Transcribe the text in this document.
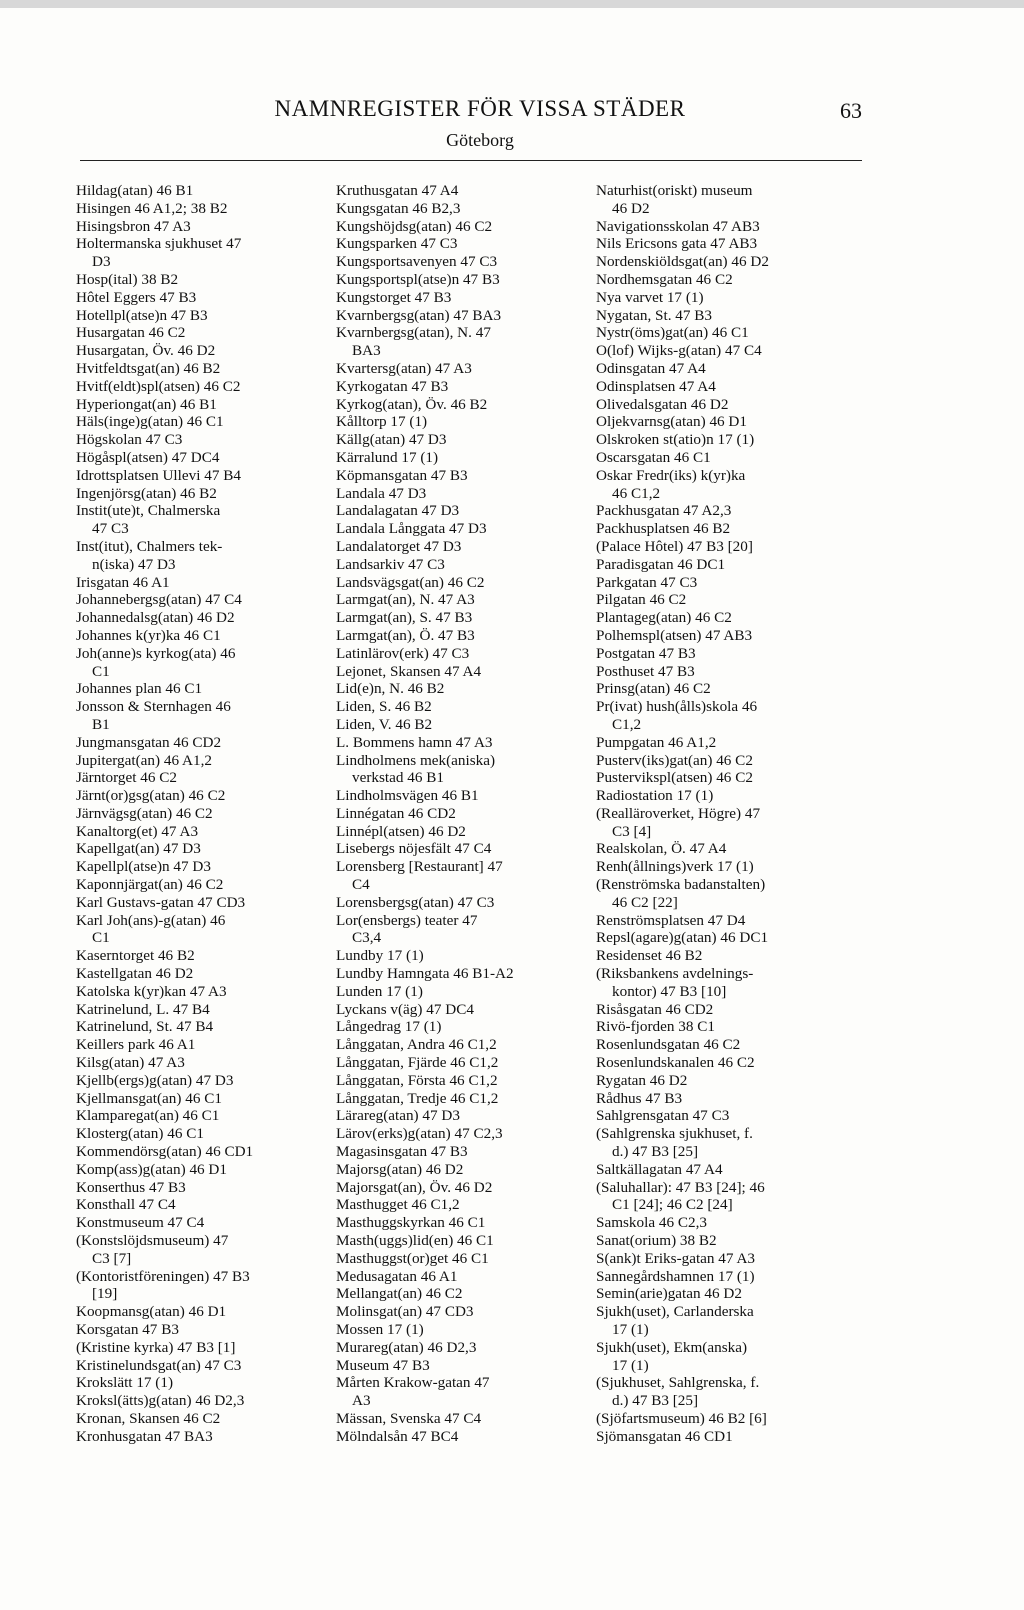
NAMNREGISTER FÖR VISSA STÄDER	63
Göteborg
Hildag(atan) 46 B1
Hisingen 46 A1,2; 38 B2
Hisingsbron 47 A3
Holtermanska sjukhuset 47
D3
Hosp(ital) 38 B2
Hôtel Eggers 47 B3
Hotellpl(atse)n 47 B3
Husargatan 46 C2
Husargatan, Öv. 46 D2
Hvitfeldtsgat(an) 46 B2
Hvitf(eldt)spl(atsen) 46 C2
Hyperiongat(an) 46 B1
Häls(inge)g(atan) 46 C1
Högskolan 47 C3
Högåspl(atsen) 47 DC4
Idrottsplatsen Ullevi 47 B4
Ingenjörsg(atan) 46 B2
Instit(ute)t, Chalmerska
47 C3
Inst(itut), Chalmers tek-
n(iska) 47 D3
Irisgatan 46 A1
Johannebergsg(atan) 47 C4
Johannedalsg(atan) 46 D2
Johannes k(yr)ka 46 C1
Joh(anne)s kyrkog(ata) 46
C1
Johannes plan 46 C1
Jonsson & Sternhagen 46
B1
Jungmansgatan 46 CD2
Jupitergat(an) 46 A1,2
Järntorget 46 C2
Järnt(or)gsg(atan) 46 C2
Järnvägsg(atan) 46 C2
Kanaltorg(et) 47 A3
Kapellgat(an) 47 D3
Kapellpl(atse)n 47 D3
Kaponnjärgat(an) 46 C2
Karl Gustavs-gatan 47 CD3
Karl Joh(ans)-g(atan) 46
C1
Kaserntorget 46 B2
Kastellgatan 46 D2
Katolska k(yr)kan 47 A3
Katrinelund, L. 47 B4
Katrinelund, St. 47 B4
Keillers park 46 A1
Kilsg(atan) 47 A3
Kjellb(ergs)g(atan) 47 D3
Kjellmansgat(an) 46 C1
Klamparegat(an) 46 C1
Klosterg(atan) 46 C1
Kommendörsg(atan) 46 CD1
Komp(ass)g(atan) 46 D1
Konserthus 47 B3
Konsthall 47 C4
Konstmuseum 47 C4
(Konstslöjdsmuseum) 47
C3 [7]
(Kontoristföreningen) 47 B3
[19]
Koopmansg(atan) 46 D1
Korsgatan 47 B3
(Kristine kyrka) 47 B3 [1]
Kristinelundsgat(an) 47 C3
Krokslätt 17 (1)
Kroksl(ätts)g(atan) 46 D2,3
Kronan, Skansen 46 C2
Kronhusgatan 47 BA3
Kruthusgatan 47 A4
Kungsgatan 46 B2,3
Kungshöjdsg(atan) 46 C2
Kungsparken 47 C3
Kungsportsavenyen 47 C3
Kungsportspl(atse)n 47 B3
Kungstorget 47 B3
Kvarnbergsg(atan) 47 BA3
Kvarnbergsg(atan), N. 47
BA3
Kvartersg(atan) 47 A3
Kyrkogatan 47 B3
Kyrkog(atan), Öv. 46 B2
Kålltorp 17 (1)
Källg(atan) 47 D3
Kärralund 17 (1)
Köpmansgatan 47 B3
Landala 47 D3
Landalagatan 47 D3
Landala Långgata 47 D3
Landalatorget 47 D3
Landsarkiv 47 C3
Landsvägsgat(an) 46 C2
Larmgat(an), N. 47 A3
Larmgat(an), S. 47 B3
Larmgat(an), Ö. 47 B3
Latinlärov(erk) 47 C3
Lejonet, Skansen 47 A4
Lid(e)n, N. 46 B2
Liden, S. 46 B2
Liden, V. 46 B2
L. Bommens hamn 47 A3
Lindholmens mek(aniska)
verkstad 46 B1
Lindholmsvägen 46 B1
Linnégatan 46 CD2
Linnépl(atsen) 46 D2
Lisebergs nöjesfält 47 C4
Lorensberg [Restaurant] 47
C4
Lorensbergsg(atan) 47 C3
Lor(ensbergs) teater 47
C3,4
Lundby 17 (1)
Lundby Hamngata 46 B1-A2
Lunden 17 (1)
Lyckans v(äg) 47 DC4
Långedrag 17 (1)
Långgatan, Andra 46 C1,2
Långgatan, Fjärde 46 C1,2
Långgatan, Första 46 C1,2
Långgatan, Tredje 46 C1,2
Lärareg(atan) 47 D3
Lärov(erks)g(atan) 47 C2,3
Magasinsgatan 47 B3
Majorsg(atan) 46 D2
Majorsgat(an), Öv. 46 D2
Masthugget 46 C1,2
Masthuggskyrkan 46 C1
Masth(uggs)lid(en) 46 C1
Masthuggst(or)get 46 C1
Medusagatan 46 A1
Mellangat(an) 46 C2
Molinsgat(an) 47 CD3
Mossen 17 (1)
Murareg(atan) 46 D2,3
Museum 47 B3
Mårten Krakow-gatan 47
A3
Mässan, Svenska 47 C4
Mölndalsån 47 BC4
Naturhist(oriskt) museum
46 D2
Navigationsskolan 47 AB3
Nils Ericsons gata 47 AB3
Nordenskiöldsgat(an) 46 D2
Nordhemsgatan 46 C2
Nya varvet 17 (1)
Nygatan, St. 47 B3
Nystr(öms)gat(an) 46 C1
O(lof) Wijks-g(atan) 47 C4
Odinsgatan 47 A4
Odinsplatsen 47 A4
Olivedalsgatan 46 D2
Oljekvarnsg(atan) 46 D1
Olskroken st(atio)n 17 (1)
Oscarsgatan 46 C1
Oskar Fredr(iks) k(yr)ka
46 C1,2
Packhusgatan 47 A2,3
Packhusplatsen 46 B2
(Palace Hôtel) 47 B3 [20]
Paradisgatan 46 DC1
Parkgatan 47 C3
Pilgatan 46 C2
Plantageg(atan) 46 C2
Polhemspl(atsen) 47 AB3
Postgatan 47 B3
Posthuset 47 B3
Prinsg(atan) 46 C2
Pr(ivat) hush(ålls)skola 46
C1,2
Pumpgatan 46 A1,2
Pusterv(iks)gat(an) 46 C2
Pustervikspl(atsen) 46 C2
Radiostation 17 (1)
(Realläroverket, Högre) 47
C3 [4]
Realskolan, Ö. 47 A4
Renh(ållnings)verk 17 (1)
(Renströmska badanstalten)
46 C2 [22]
Renströmsplatsen 47 D4
Repsl(agare)g(atan) 46 DC1
Residenset 46 B2
(Riksbankens avdelnings-
kontor) 47 B3 [10]
Risåsgatan 46 CD2
Rivö-fjorden 38 C1
Rosenlundsgatan 46 C2
Rosenlundskanalen 46 C2
Rygatan 46 D2
Rådhus 47 B3
Sahlgrensgatan 47 C3
(Sahlgrenska sjukhuset, f.
d.) 47 B3 [25]
Saltkällagatan 47 A4
(Saluhallar): 47 B3 [24]; 46
C1 [24]; 46 C2 [24]
Samskola 46 C2,3
Sanat(orium) 38 B2
S(ank)t Eriks-gatan 47 A3
Sannegårdshamnen 17 (1)
Semin(arie)gatan 46 D2
Sjukh(uset), Carlanderska
17 (1)
Sjukh(uset), Ekm(anska)
17 (1)
(Sjukhuset, Sahlgrenska, f.
d.) 47 B3 [25]
(Sjöfartsmuseum) 46 B2 [6]
Sjömansgatan 46 CD1
